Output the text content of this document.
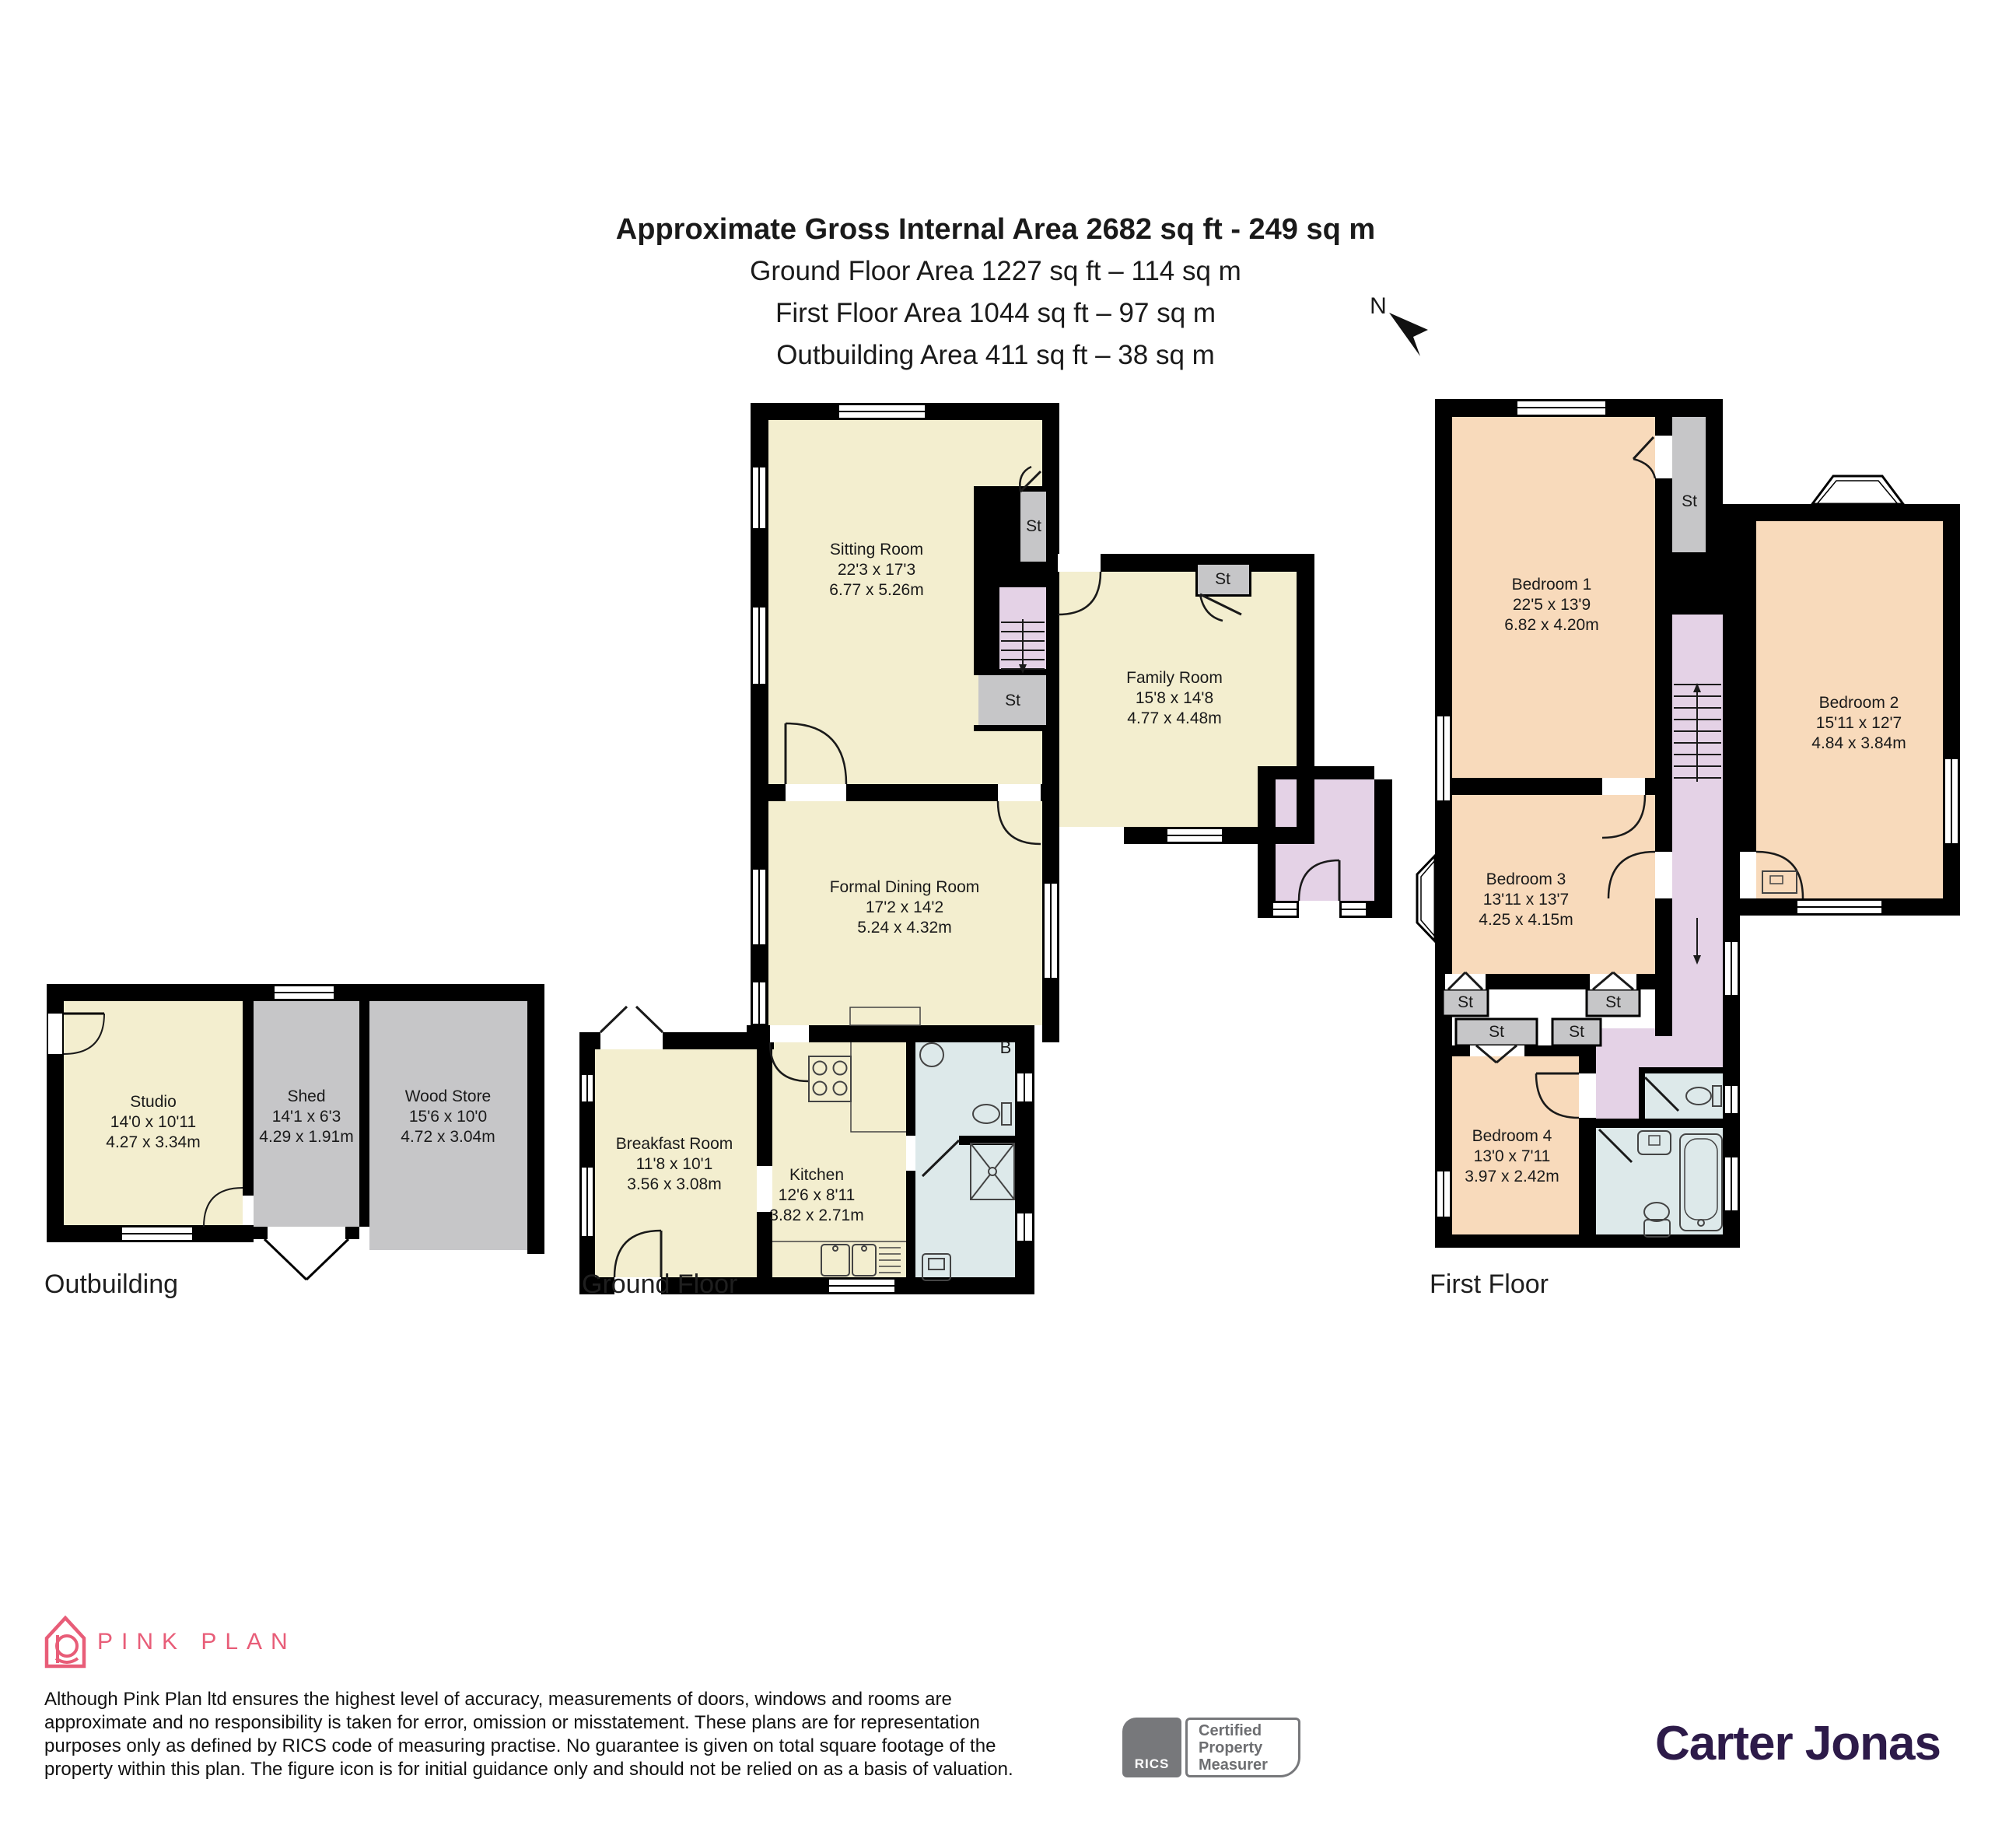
Approximate Gross Internal Area 2682 sq ft - 249 sq m
Ground Floor Area 1227 sq ft – 114 sq m
First Floor Area 1044 sq ft – 97 sq m
Outbuilding Area 411 sq ft – 38 sq m
N
Sitting Room
22'3 x 17'3
6.77 x 5.26m
Family Room
15'8 x 14'8
4.77 x 4.48m
Formal Dining Room
17'2 x 14'2
5.24 x 4.32m
Breakfast Room
11'8 x 10'1
3.56 x 3.08m
Kitchen
12'6 x 8'11
3.82 x 2.71m
Bedroom 1
22'5 x 13'9
6.82 x 4.20m
Bedroom 2
15'11 x 12'7
4.84 x 3.84m
Bedroom 3
13'11 x 13'7
4.25 x 4.15m
Bedroom 4
13'0 x 7'11
3.97 x 2.42m
Studio
14'0 x 10'11
4.27 x 3.34m
Shed
14'1 x 6'3
4.29 x 1.91m
Wood Store
15'6 x 10'0
4.72 x 3.04m
St
St
St
St
St	St
St	St
B
Outbuilding	Ground Floor	First Floor
PINK PLAN
Although Pink Plan ltd ensures the highest level of accuracy, measurements of doors, windows and rooms are
approximate and no responsibility is taken for error, omission or misstatement. These plans are for representation
purposes only as defined by RICS code of measuring practise. No guarantee is given on total square footage of the
property within this plan. The figure icon is for initial guidance only and should not be relied on as a basis of valuation.	RICS
Certified
Property
Measurer	Carter Jonas
